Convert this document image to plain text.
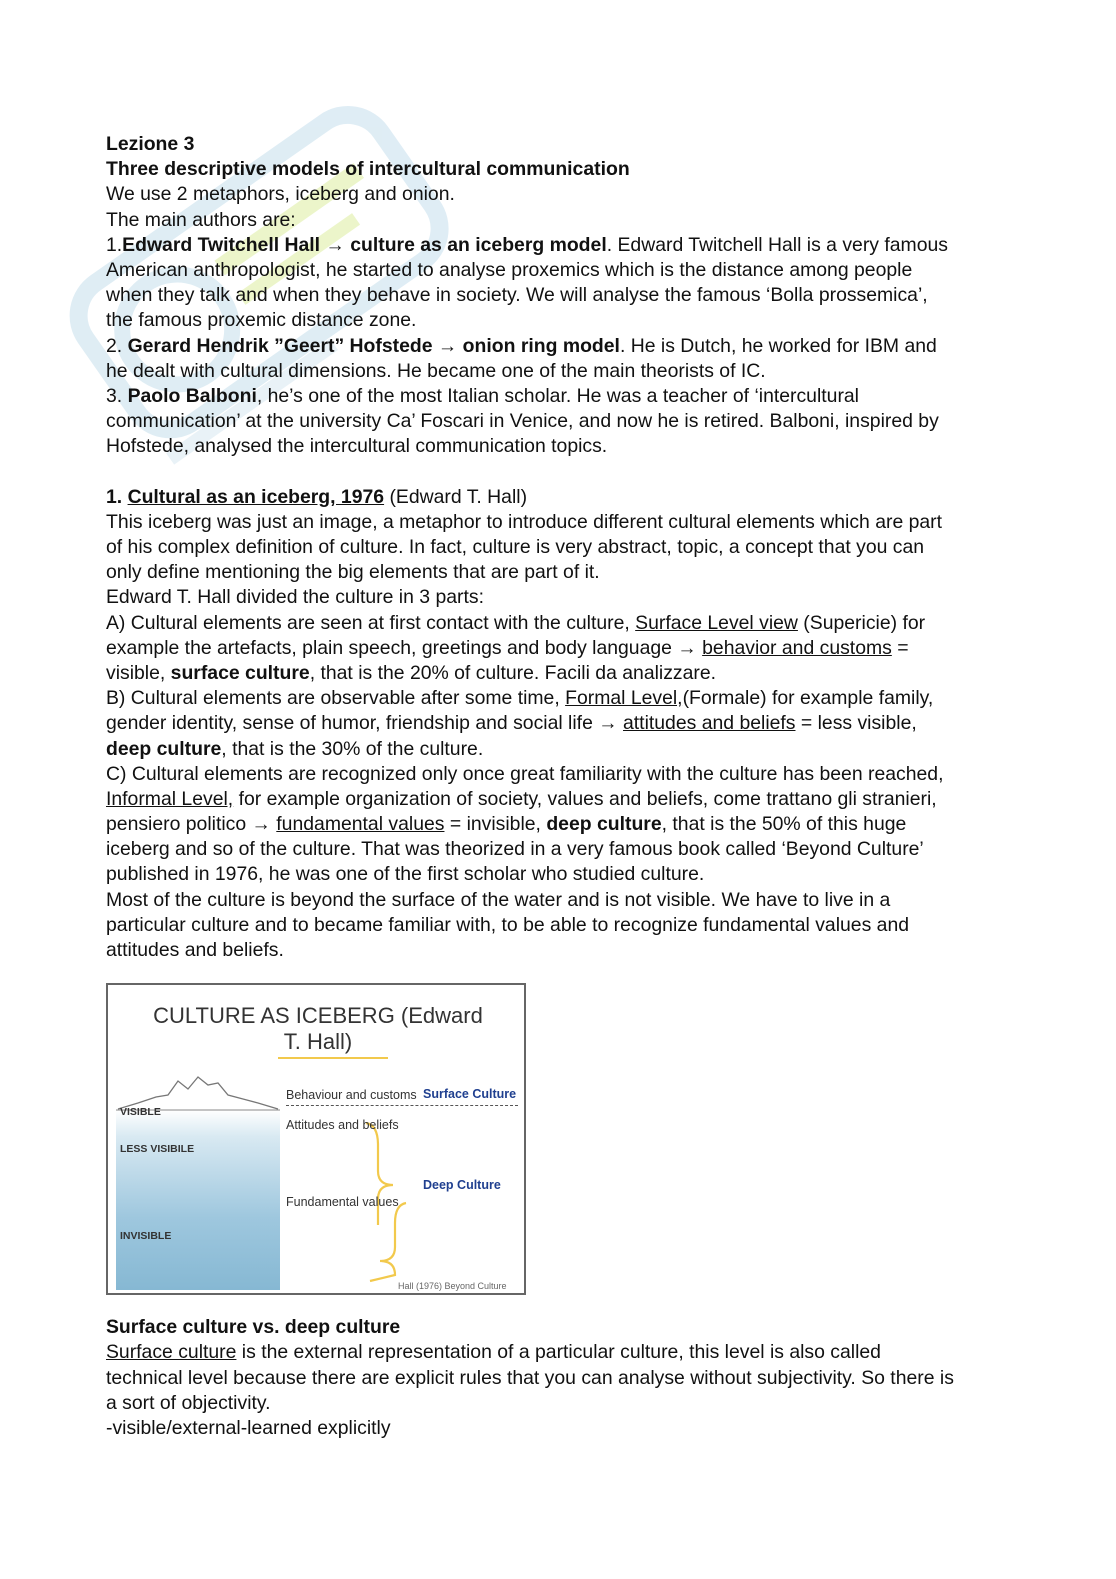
Lezione 3
Three descriptive models of intercultural communication
We use 2 metaphors, iceberg and onion.
The main authors are:
1.Edward Twitchell Hall → culture as an iceberg model. Edward Twitchell Hall is a very famous
American anthropologist, he started to analyse proxemics which is the distance among people
when they talk and when they behave in society. We will analyse the famous ‘Bolla prossemica’,
the famous proxemic distance zone.
2. Gerard Hendrik ”Geert” Hofstede → onion ring model. He is Dutch, he worked for IBM and
he dealt with cultural dimensions. He became one of the main theorists of IC.
3. Paolo Balboni, he’s one of the most Italian scholar. He was a teacher of ‘intercultural
communication’ at the university Ca’ Foscari in Venice, and now he is retired. Balboni, inspired by
Hofstede, analysed the intercultural communication topics.
1. Cultural as an iceberg, 1976 (Edward T. Hall)
This iceberg was just an image, a metaphor to introduce different cultural elements which are part
of his complex definition of culture. In fact, culture is very abstract, topic, a concept that you can
only define mentioning the big elements that are part of it.
Edward T. Hall divided the culture in 3 parts:
A) Cultural elements are seen at first contact with the culture, Surface Level view (Supericie) for
example the artefacts, plain speech, greetings and body language → behavior and customs =
visible, surface culture, that is the 20% of culture. Facili da analizzare.
B) Cultural elements are observable after some time, Formal Level,(Formale) for example family,
gender identity, sense of humor, friendship and social life → attitudes and beliefs = less visible,
deep culture, that is the 30% of the culture.
C) Cultural elements are recognized only once great familiarity with the culture has been reached,
Informal Level, for example organization of society, values and beliefs, come trattano gli stranieri,
pensiero politico → fundamental values = invisible, deep culture, that is the 50% of this huge
iceberg and so of the culture. That was theorized in a very famous book called ‘Beyond Culture’
published in 1976, he was one of the first scholar who studied culture.
Most of the culture is beyond the surface of the water and is not visible. We have to live in a
particular culture and to became familiar with, to be able to recognize fundamental values and
attitudes and beliefs.
CULTURE AS ICEBERG (Edward
T. Hall)
VISIBLE
LESS VISIBILE
INVISIBLE
Behaviour and customs Surface Culture
Attitudes and beliefs
Deep Culture
Fundamental values
Hall (1976) Beyond Culture
Surface culture vs. deep culture
Surface culture is the external representation of a particular culture, this level is also called
technical level because there are explicit rules that you can analyse without subjectivity. So there is
a sort of objectivity.
-visible/external-learned explicitly
